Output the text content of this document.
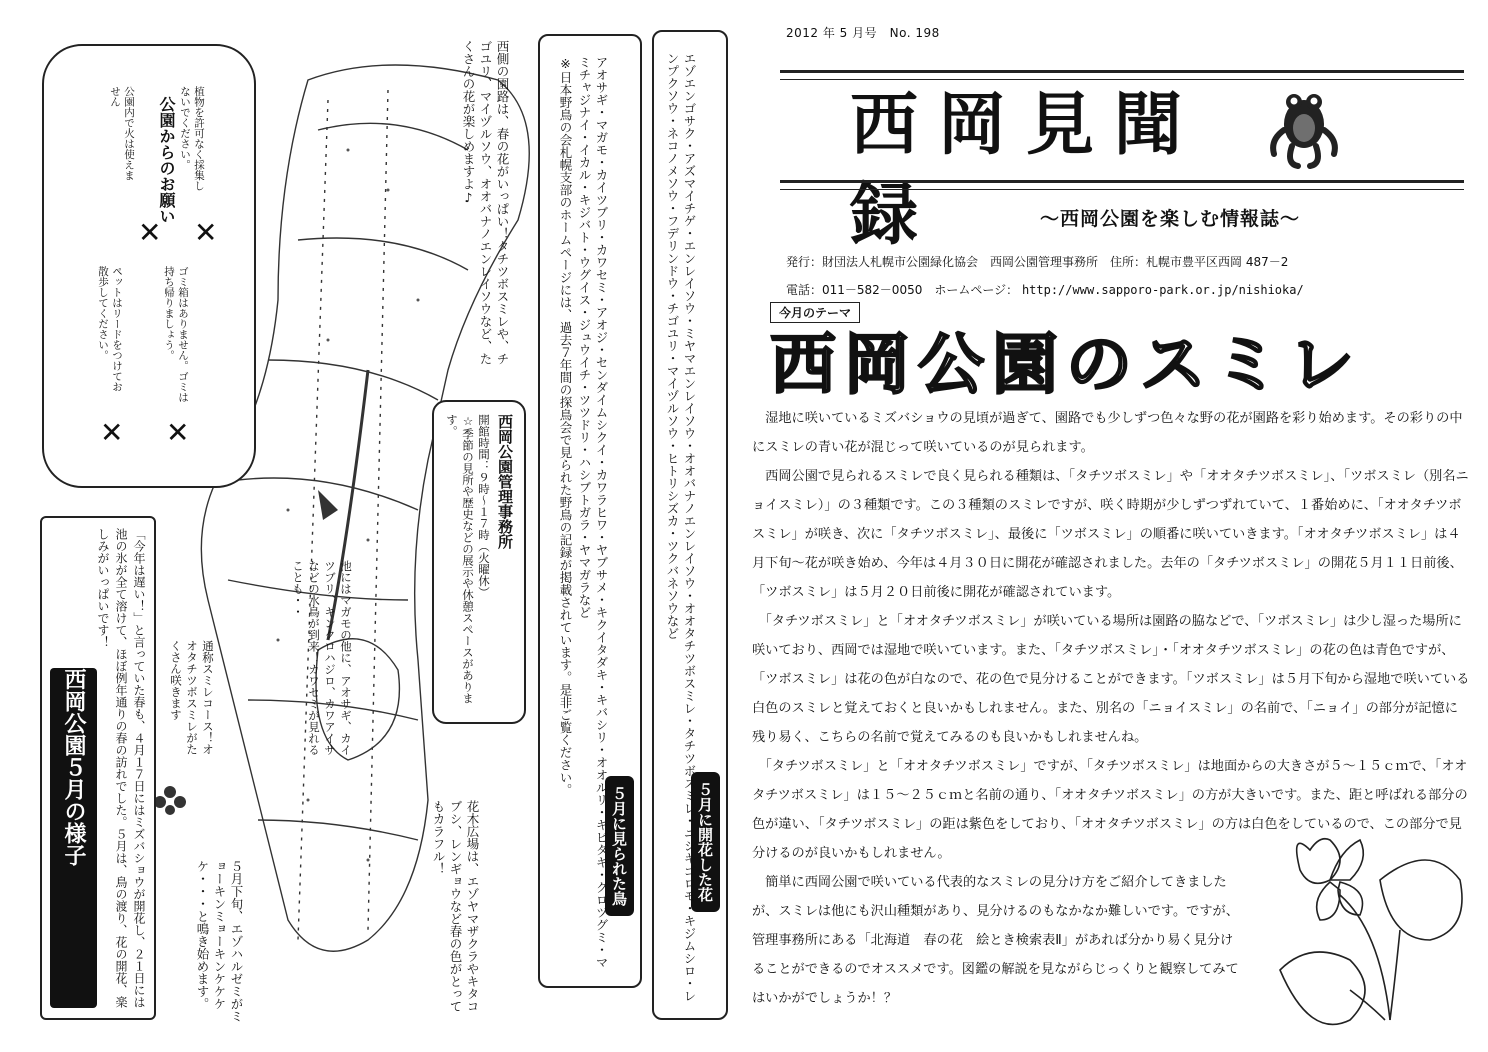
2012 年 5 月号　No. 198
西岡見聞録	～西岡公園を楽しむ情報誌～
発行：財団法人札幌市公園緑化協会　西岡公園管理事務所　住所：札幌市豊平区西岡 487－2
電話：011－582－0050　ホームページ： http://www.sapporo-park.or.jp/nishioka/
今月のテーマ
西岡公園のスミレ

　湿地に咲いているミズバショウの見頃が過ぎて、園路でも少しずつ色々な野の花が園路を彩り始めます。その彩りの中にスミレの青い花が混じって咲いているのが見られます。

　西岡公園で見られるスミレで良く見られる種類は、「タチツボスミレ」や「オオタチツボスミレ」、「ツボスミレ（別名ニョイスミレ）」の３種類です。この３種類のスミレですが、咲く時期が少しずつずれていて、１番始めに、「オオタチツボスミレ」が咲き、次に「タチツボスミレ」、最後に「ツボスミレ」の順番に咲いていきます。「オオタチツボスミレ」は４月下旬～花が咲き始め、今年は４月３０日に開花が確認されました。去年の「タチツボスミレ」の開花５月１１日前後、「ツボスミレ」は５月２０日前後に開花が確認されています。

　「タチツボスミレ」と「オオタチツボスミレ」が咲いている場所は園路の脇などで、「ツボスミレ」は少し湿った場所に咲いており、西岡では湿地で咲いています。また、「タチツボスミレ」・「オオタチツボスミレ」の花の色は青色ですが、「ツボスミレ」は花の色が白なので、花の色で見分けることができます。「ツボスミレ」は５月下旬から湿地で咲いている白色のスミレと覚えておくと良いかもしれません。また、別名の「ニョイスミレ」の名前で、「ニョイ」の部分が記憶に残り易く、こちらの名前で覚えてみるのも良いかもしれませんね。

　「タチツボスミレ」と「オオタチツボスミレ」ですが、「タチツボスミレ」は地面からの大きさが５～１５ｃｍで、「オオタチツボスミレ」は１５～２５ｃｍと名前の通り、「オオタチツボスミレ」の方が大きいです。また、距と呼ばれる部分の色が違い、「タチツボスミレ」の距は紫色をしており、「オオタチツボスミレ」の方は白色をしているので、この部分で見分けるのが良いかもしれません。

　簡単に西岡公園で咲いている代表的なスミレの見分け方をご紹介してきましたが、スミレは他にも沢山種類があり、見分けるのもなかなか難しいです。ですが、管理事務所にある「北海道　春の花　絵とき検索表Ⅱ」があれば分かり易く見分けることができるのでオススメです。図鑑の解説を見ながらじっくりと観察してみてはいかがでしょうか！？

５月に開花した花
エゾエンゴサク・アズマイチゲ・エンレイソウ・ミヤマエンレイソウ・オオバナノエンレイソウ・オオタチツボスミレ・タチツボスミレ・ニシキゴロモ・キジムシロ・レンプクソウ・ネコノメソウ・フデリンドウ・チゴユリ・マイヅルソウ・ヒトリシズカ・ツクバネソウなど
５月に見られた鳥
アオサギ・マガモ・カイツブリ・カワセミ・アオジ・センダイムシクイ・カワラヒワ・ヤブサメ・キクイタダキ・キバシリ・オオルリ・キビタキ・クロツグミ・マミチャジナイ・イカル・キジバト・ウグイス・ジュウイチ・ツツドリ・ハシブトガラ・ヤマガラなど
※日本野鳥の会札幌支部のホームページには、過去７年間の探鳥会で見られた野鳥の記録が掲載されています。是非ご覧ください。
西側の園路は、春の花がいっぱい！タチツボスミレや、チゴユリ、マイヅルソウ、オオバナノエンレイソウなど、たくさんの花が楽しめますよ♪
西岡公園管理事務所
開館時間：９時～１７時（火曜休）
☆季節の見所や歴史などの展示や休憩スペースがあります。
池にはマガモの他に、アオサギ、カイツブリ、キンクロハジロ、カワアイサなどの水鳥が到来！カワセミが見れることも・・
通称スミレコース！オオタチツボスミレがたくさん咲きます
花木広場は、エゾヤマザクラやキタコブシ、レンギョウなど春の色がとってもカラフル！
５月下旬、エゾハルゼミがミョーキンミョーキンケケケケ・・・と鳴き始めます。
西岡公園５月の様子	「今年は遅い！」と言っていた春も、４月１７日にはミズバショウが開花し、２１日には池の氷が全て溶けて、ほぼ例年通りの春の訪れでした。５月は、鳥の渡り、花の開花、楽しみがいっぱいです！
公園からのお願い
ペットはリードをつけてお散歩してください。
公園内で火は使えません
ゴミ箱はありません。ゴミは持ち帰りましょう。
植物を許可なく採集しないでください。
✕
✕
✕
✕
